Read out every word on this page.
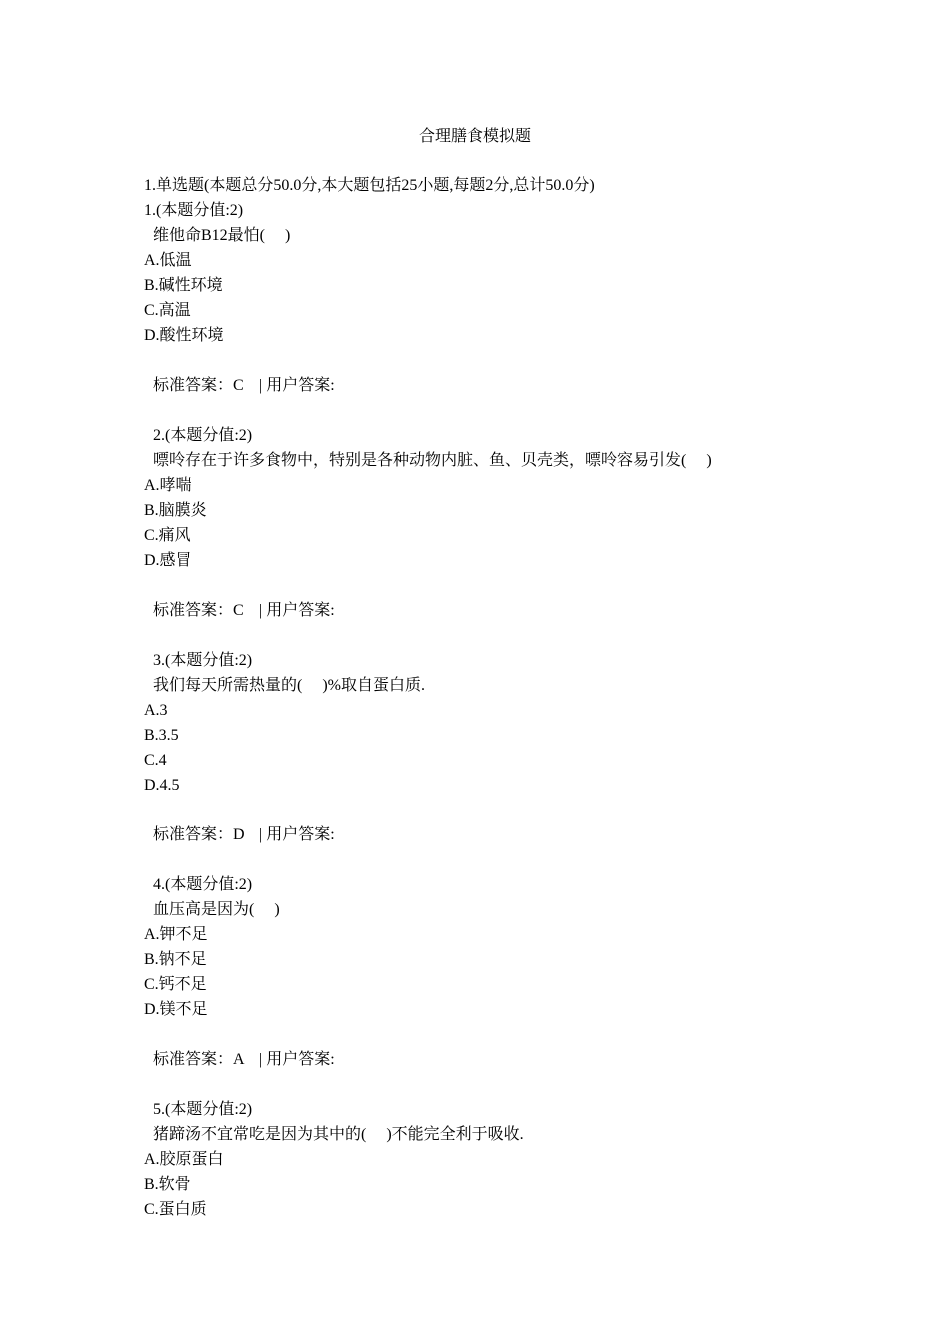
合理膳食模拟题
1.单选题(本题总分50.0分,本大题包括25小题,每题2分,总计50.0分)
1.(本题分值:2)
维他命B12最怕(     )
A.低温
B.碱性环境
C.高温
D.酸性环境
标准答案：C | 用户答案:
2.(本题分值:2)
嘌呤存在于许多食物中，特别是各种动物内脏、鱼、贝壳类，嘌呤容易引发(     )
A.哮喘
B.脑膜炎
C.痛风
D.感冒
标准答案：C | 用户答案:
3.(本题分值:2)
我们每天所需热量的(     )%取自蛋白质.
A.3
B.3.5
C.4
D.4.5
标准答案：D | 用户答案:
4.(本题分值:2)
血压高是因为(     )
A.钾不足
B.钠不足
C.钙不足
D.镁不足
标准答案：A | 用户答案:
5.(本题分值:2)
猪蹄汤不宜常吃是因为其中的(     )不能完全利于吸收.
A.胶原蛋白
B.软骨
C.蛋白质
